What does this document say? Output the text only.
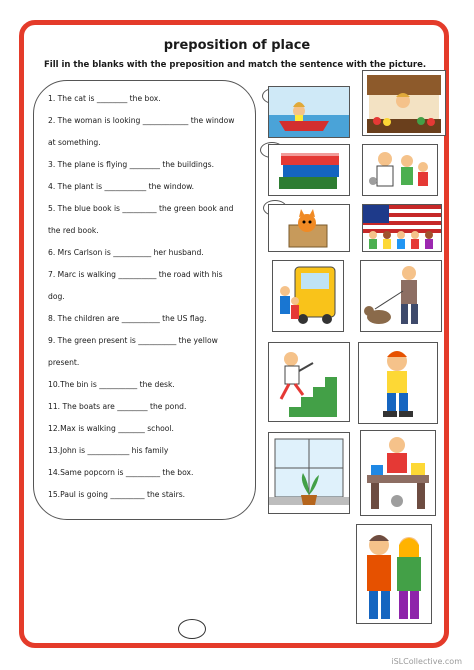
preposition of place
Fill in the blanks with the preposition and match the sentence with the picture.
1. The cat is ________ the box.
2. The woman is looking ____________ the window
at something.
3. The plane is flying ________ the buildings.
4. The plant is ___________ the window.
5. The blue book is _________ the green book and
the red book.
6. Mrs Carlson is __________ her husband.
7. Marc is walking __________ the road with his
dog.
8. The children are __________ the US flag.
9. The green present is __________ the yellow
present.
10.The bin is __________ the desk.
11. The boats are ________ the pond.
12.Max is walking _______ school.
13.John is ___________ his family
14.Same popcorn is _________ the box.
15.Paul is going _________ the stairs.
iSLCollective.com
